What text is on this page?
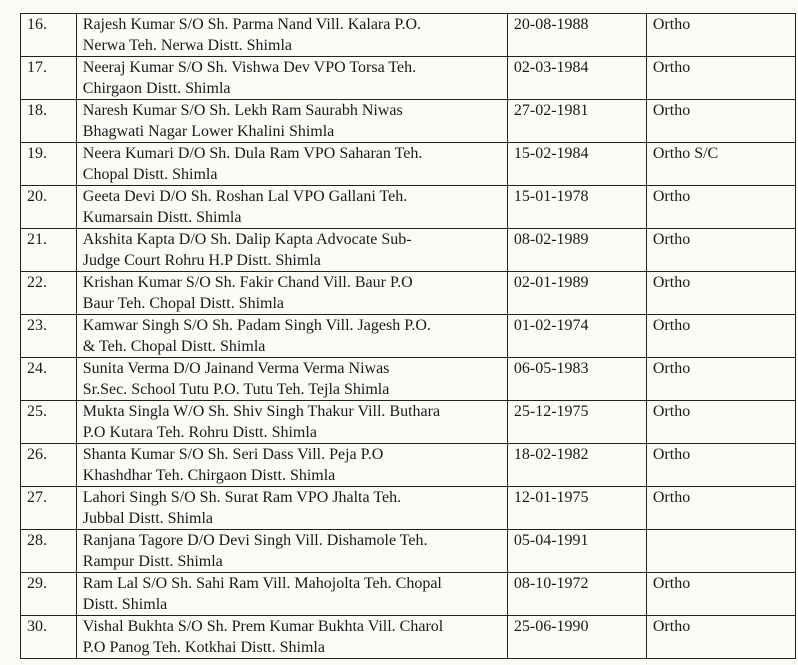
16.	Rajesh Kumar S/O Sh. Parma Nand Vill. Kalara P.O.
Nerwa Teh. Nerwa Distt. Shimla	20-08-1988	Ortho
17.	Neeraj Kumar S/O Sh. Vishwa Dev VPO Torsa Teh.
Chirgaon Distt. Shimla	02-03-1984	Ortho
18.	Naresh Kumar S/O Sh. Lekh Ram Saurabh Niwas
Bhagwati Nagar Lower Khalini Shimla	27-02-1981	Ortho
19.	Neera Kumari D/O Sh. Dula Ram VPO Saharan Teh.
Chopal Distt. Shimla	15-02-1984	Ortho S/C
20.	Geeta Devi D/O Sh. Roshan Lal VPO Gallani Teh.
Kumarsain Distt. Shimla	15-01-1978	Ortho
21.	Akshita Kapta D/O Sh. Dalip Kapta Advocate Sub-
Judge Court Rohru H.P Distt. Shimla	08-02-1989	Ortho
22.	Krishan Kumar S/O Sh. Fakir Chand Vill. Baur P.O
Baur Teh. Chopal Distt. Shimla	02-01-1989	Ortho
23.	Kamwar Singh S/O Sh. Padam Singh Vill. Jagesh P.O.
& Teh. Chopal Distt. Shimla	01-02-1974	Ortho
24.	Sunita Verma D/O Jainand Verma Verma Niwas
Sr.Sec. School Tutu P.O. Tutu Teh. Tejla Shimla	06-05-1983	Ortho
25.	Mukta Singla W/O Sh. Shiv Singh Thakur Vill. Buthara
P.O Kutara Teh. Rohru Distt. Shimla	25-12-1975	Ortho
26.	Shanta Kumar S/O Sh. Seri Dass Vill. Peja P.O
Khashdhar Teh. Chirgaon Distt. Shimla	18-02-1982	Ortho
27.	Lahori Singh S/O Sh. Surat Ram VPO Jhalta Teh.
Jubbal Distt. Shimla	12-01-1975	Ortho
28.	Ranjana Tagore D/O Devi Singh Vill. Dishamole Teh.
Rampur Distt. Shimla	05-04-1991	
29.	Ram Lal S/O Sh. Sahi Ram Vill. Mahojolta Teh. Chopal
Distt. Shimla	08-10-1972	Ortho
30.	Vishal Bukhta S/O Sh. Prem Kumar Bukhta Vill. Charol
P.O Panog Teh. Kotkhai Distt. Shimla	25-06-1990	Ortho
